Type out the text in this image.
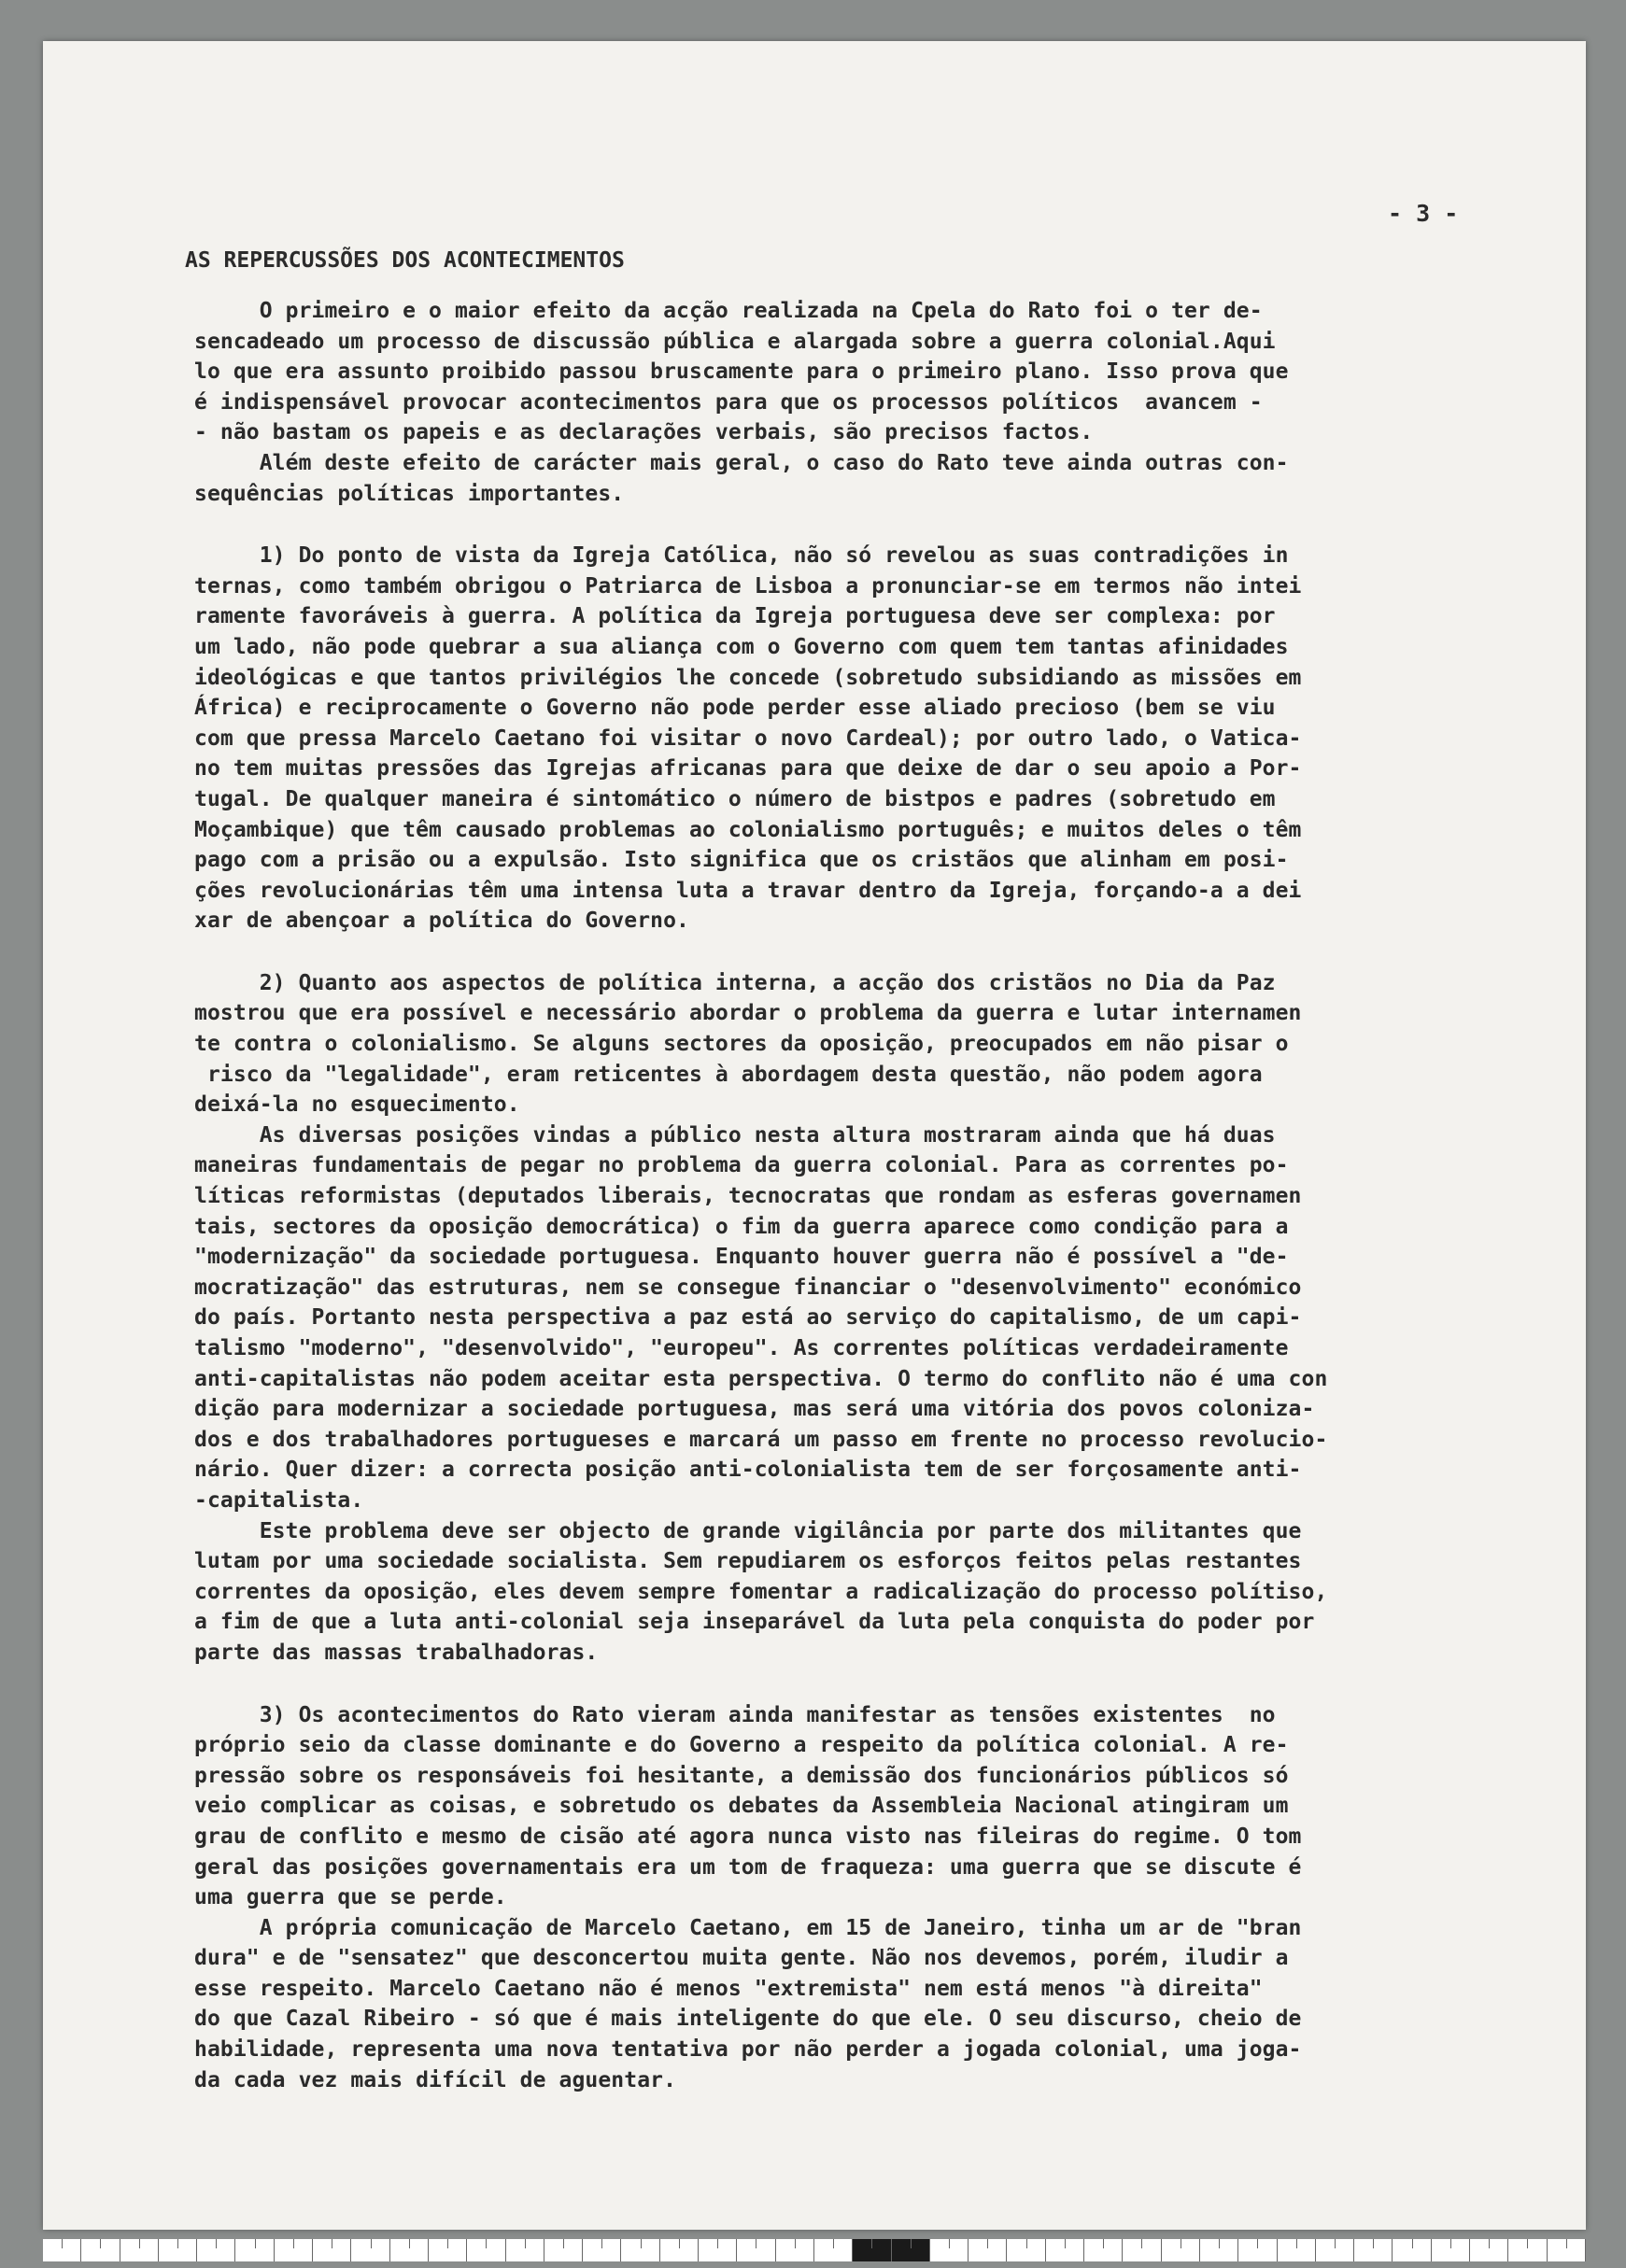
- 3 -
AS REPERCUSSÕES DOS ACONTECIMENTOS
O primeiro e o maior efeito da acção realizada na Cpela do Rato foi o ter de-
sencadeado um processo de discussão pública e alargada sobre a guerra colonial.Aqui
lo que era assunto proibido passou bruscamente para o primeiro plano. Isso prova que
é indispensável provocar acontecimentos para que os processos políticos  avancem -
- não bastam os papeis e as declarações verbais, são precisos factos.
Além deste efeito de carácter mais geral, o caso do Rato teve ainda outras con-
sequências políticas importantes.
1) Do ponto de vista da Igreja Católica, não só revelou as suas contradições in
ternas, como também obrigou o Patriarca de Lisboa a pronunciar-se em termos não intei
ramente favoráveis à guerra. A política da Igreja portuguesa deve ser complexa: por
um lado, não pode quebrar a sua aliança com o Governo com quem tem tantas afinidades
ideológicas e que tantos privilégios lhe concede (sobretudo subsidiando as missões em
África) e reciprocamente o Governo não pode perder esse aliado precioso (bem se viu
com que pressa Marcelo Caetano foi visitar o novo Cardeal); por outro lado, o Vatica-
no tem muitas pressões das Igrejas africanas para que deixe de dar o seu apoio a Por-
tugal. De qualquer maneira é sintomático o número de bistpos e padres (sobretudo em
Moçambique) que têm causado problemas ao colonialismo português; e muitos deles o têm
pago com a prisão ou a expulsão. Isto significa que os cristãos que alinham em posi-
ções revolucionárias têm uma intensa luta a travar dentro da Igreja, forçando-a a dei
xar de abençoar a política do Governo.
2) Quanto aos aspectos de política interna, a acção dos cristãos no Dia da Paz
mostrou que era possível e necessário abordar o problema da guerra e lutar internamen
te contra o colonialismo. Se alguns sectores da oposição, preocupados em não pisar o
risco da "legalidade", eram reticentes à abordagem desta questão, não podem agora
deixá-la no esquecimento.
As diversas posições vindas a público nesta altura mostraram ainda que há duas
maneiras fundamentais de pegar no problema da guerra colonial. Para as correntes po-
líticas reformistas (deputados liberais, tecnocratas que rondam as esferas governamen
tais, sectores da oposição democrática) o fim da guerra aparece como condição para a
"modernização" da sociedade portuguesa. Enquanto houver guerra não é possível a "de-
mocratização" das estruturas, nem se consegue financiar o "desenvolvimento" económico
do país. Portanto nesta perspectiva a paz está ao serviço do capitalismo, de um capi-
talismo "moderno", "desenvolvido", "europeu". As correntes políticas verdadeiramente
anti-capitalistas não podem aceitar esta perspectiva. O termo do conflito não é uma con
dição para modernizar a sociedade portuguesa, mas será uma vitória dos povos coloniza-
dos e dos trabalhadores portugueses e marcará um passo em frente no processo revolucio-
nário. Quer dizer: a correcta posição anti-colonialista tem de ser forçosamente anti-
-capitalista.
Este problema deve ser objecto de grande vigilância por parte dos militantes que
lutam por uma sociedade socialista. Sem repudiarem os esforços feitos pelas restantes
correntes da oposição, eles devem sempre fomentar a radicalização do processo polítiso,
a fim de que a luta anti-colonial seja inseparável da luta pela conquista do poder por
parte das massas trabalhadoras.
3) Os acontecimentos do Rato vieram ainda manifestar as tensões existentes  no
próprio seio da classe dominante e do Governo a respeito da política colonial. A re-
pressão sobre os responsáveis foi hesitante, a demissão dos funcionários públicos só
veio complicar as coisas, e sobretudo os debates da Assembleia Nacional atingiram um
grau de conflito e mesmo de cisão até agora nunca visto nas fileiras do regime. O tom
geral das posições governamentais era um tom de fraqueza: uma guerra que se discute é
uma guerra que se perde.
A própria comunicação de Marcelo Caetano, em 15 de Janeiro, tinha um ar de "bran
dura" e de "sensatez" que desconcertou muita gente. Não nos devemos, porém, iludir a
esse respeito. Marcelo Caetano não é menos "extremista" nem está menos "à direita"
do que Cazal Ribeiro - só que é mais inteligente do que ele. O seu discurso, cheio de
habilidade, representa uma nova tentativa por não perder a jogada colonial, uma joga-
da cada vez mais difícil de aguentar.
